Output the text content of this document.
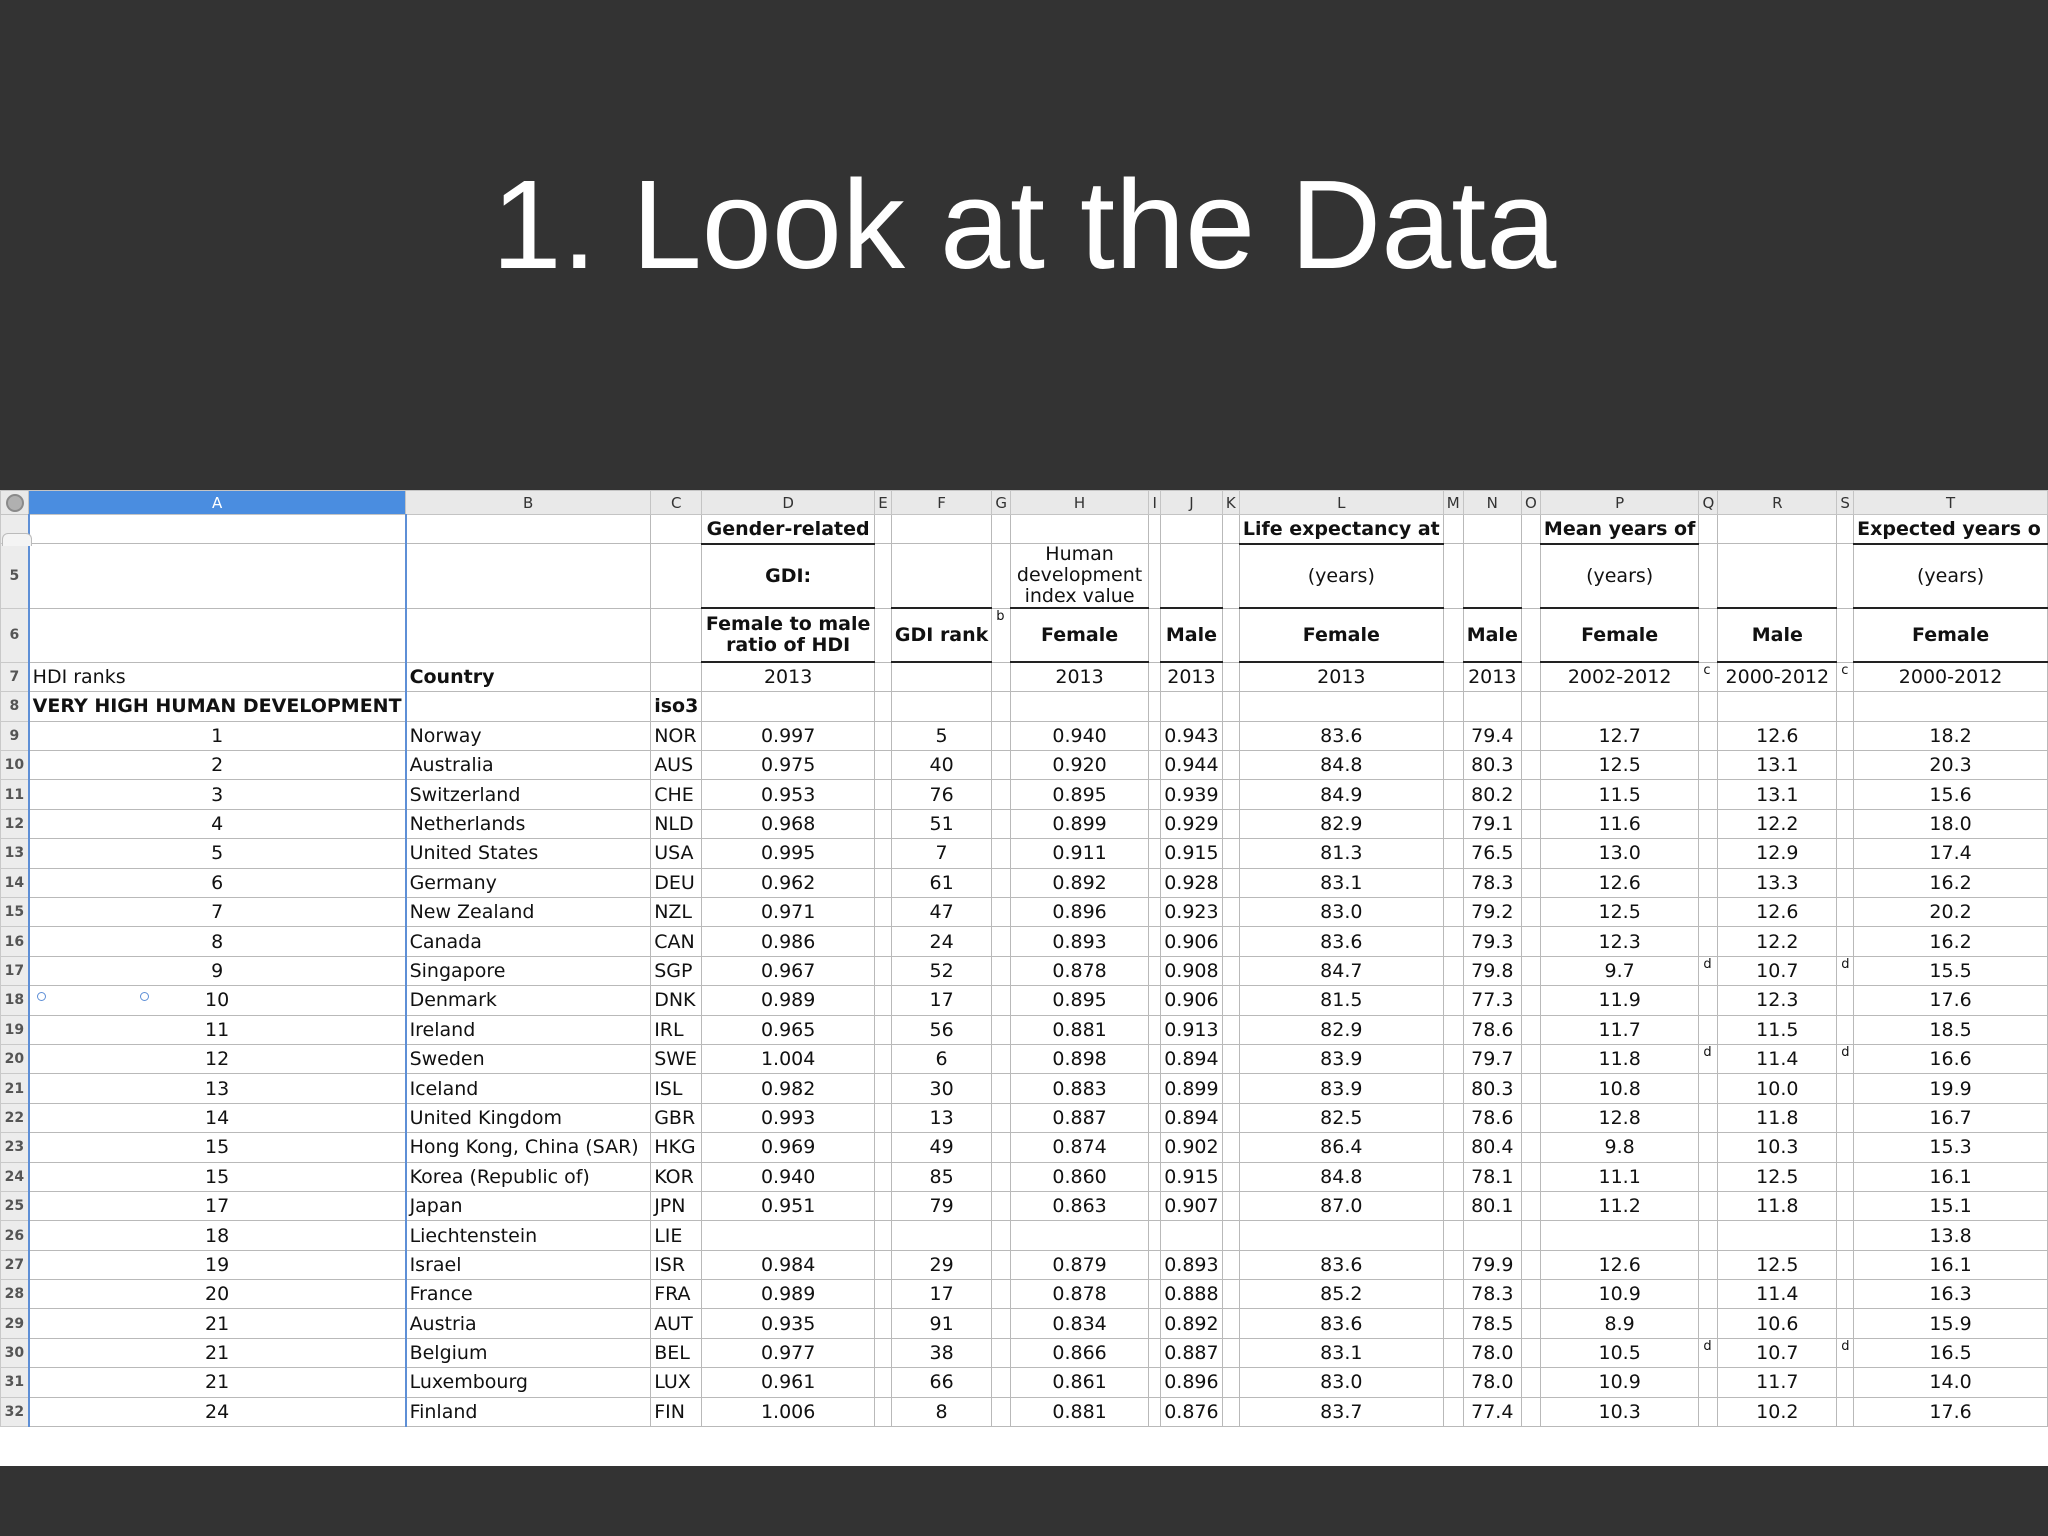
1. Look at the Data
	A	B	C	D	E	F	G	H	I	J	K	L	M	N	O	P	Q	R	S	T
				Gender-related								Life expectancy at				Mean years of				Expected years o
5				GDI:				Human development index value				(years)				(years)				(years)
6				Female to male ratio of HDI		GDI rank	b	Female		Male		Female		Male		Female		Male		Female
7	HDI ranks	Country		2013				2013		2013		2013		2013		2002-2012	c	2000-2012	c	2000-2012
8	VERY HIGH HUMAN DEVELOPMENT		iso3																	
9	1	Norway	NOR	0.997		5		0.940		0.943		83.6		79.4		12.7		12.6		18.2
10	2	Australia	AUS	0.975		40		0.920		0.944		84.8		80.3		12.5		13.1		20.3
11	3	Switzerland	CHE	0.953		76		0.895		0.939		84.9		80.2		11.5		13.1		15.6
12	4	Netherlands	NLD	0.968		51		0.899		0.929		82.9		79.1		11.6		12.2		18.0
13	5	United States	USA	0.995		7		0.911		0.915		81.3		76.5		13.0		12.9		17.4
14	6	Germany	DEU	0.962		61		0.892		0.928		83.1		78.3		12.6		13.3		16.2
15	7	New Zealand	NZL	0.971		47		0.896		0.923		83.0		79.2		12.5		12.6		20.2
16	8	Canada	CAN	0.986		24		0.893		0.906		83.6		79.3		12.3		12.2		16.2
17	9	Singapore	SGP	0.967		52		0.878		0.908		84.7		79.8		9.7	d	10.7	d	15.5
18	10	Denmark	DNK	0.989		17		0.895		0.906		81.5		77.3		11.9		12.3		17.6
19	11	Ireland	IRL	0.965		56		0.881		0.913		82.9		78.6		11.7		11.5		18.5
20	12	Sweden	SWE	1.004		6		0.898		0.894		83.9		79.7		11.8	d	11.4	d	16.6
21	13	Iceland	ISL	0.982		30		0.883		0.899		83.9		80.3		10.8		10.0		19.9
22	14	United Kingdom	GBR	0.993		13		0.887		0.894		82.5		78.6		12.8		11.8		16.7
23	15	Hong Kong, China (SAR)	HKG	0.969		49		0.874		0.902		86.4		80.4		9.8		10.3		15.3
24	15	Korea (Republic of)	KOR	0.940		85		0.860		0.915		84.8		78.1		11.1		12.5		16.1
25	17	Japan	JPN	0.951		79		0.863		0.907		87.0		80.1		11.2		11.8		15.1
26	18	Liechtenstein	LIE																	13.8
27	19	Israel	ISR	0.984		29		0.879		0.893		83.6		79.9		12.6		12.5		16.1
28	20	France	FRA	0.989		17		0.878		0.888		85.2		78.3		10.9		11.4		16.3
29	21	Austria	AUT	0.935		91		0.834		0.892		83.6		78.5		8.9		10.6		15.9
30	21	Belgium	BEL	0.977		38		0.866		0.887		83.1		78.0		10.5	d	10.7	d	16.5
31	21	Luxembourg	LUX	0.961		66		0.861		0.896		83.0		78.0		10.9		11.7		14.0
32	24	Finland	FIN	1.006		8		0.881		0.876		83.7		77.4		10.3		10.2		17.6
